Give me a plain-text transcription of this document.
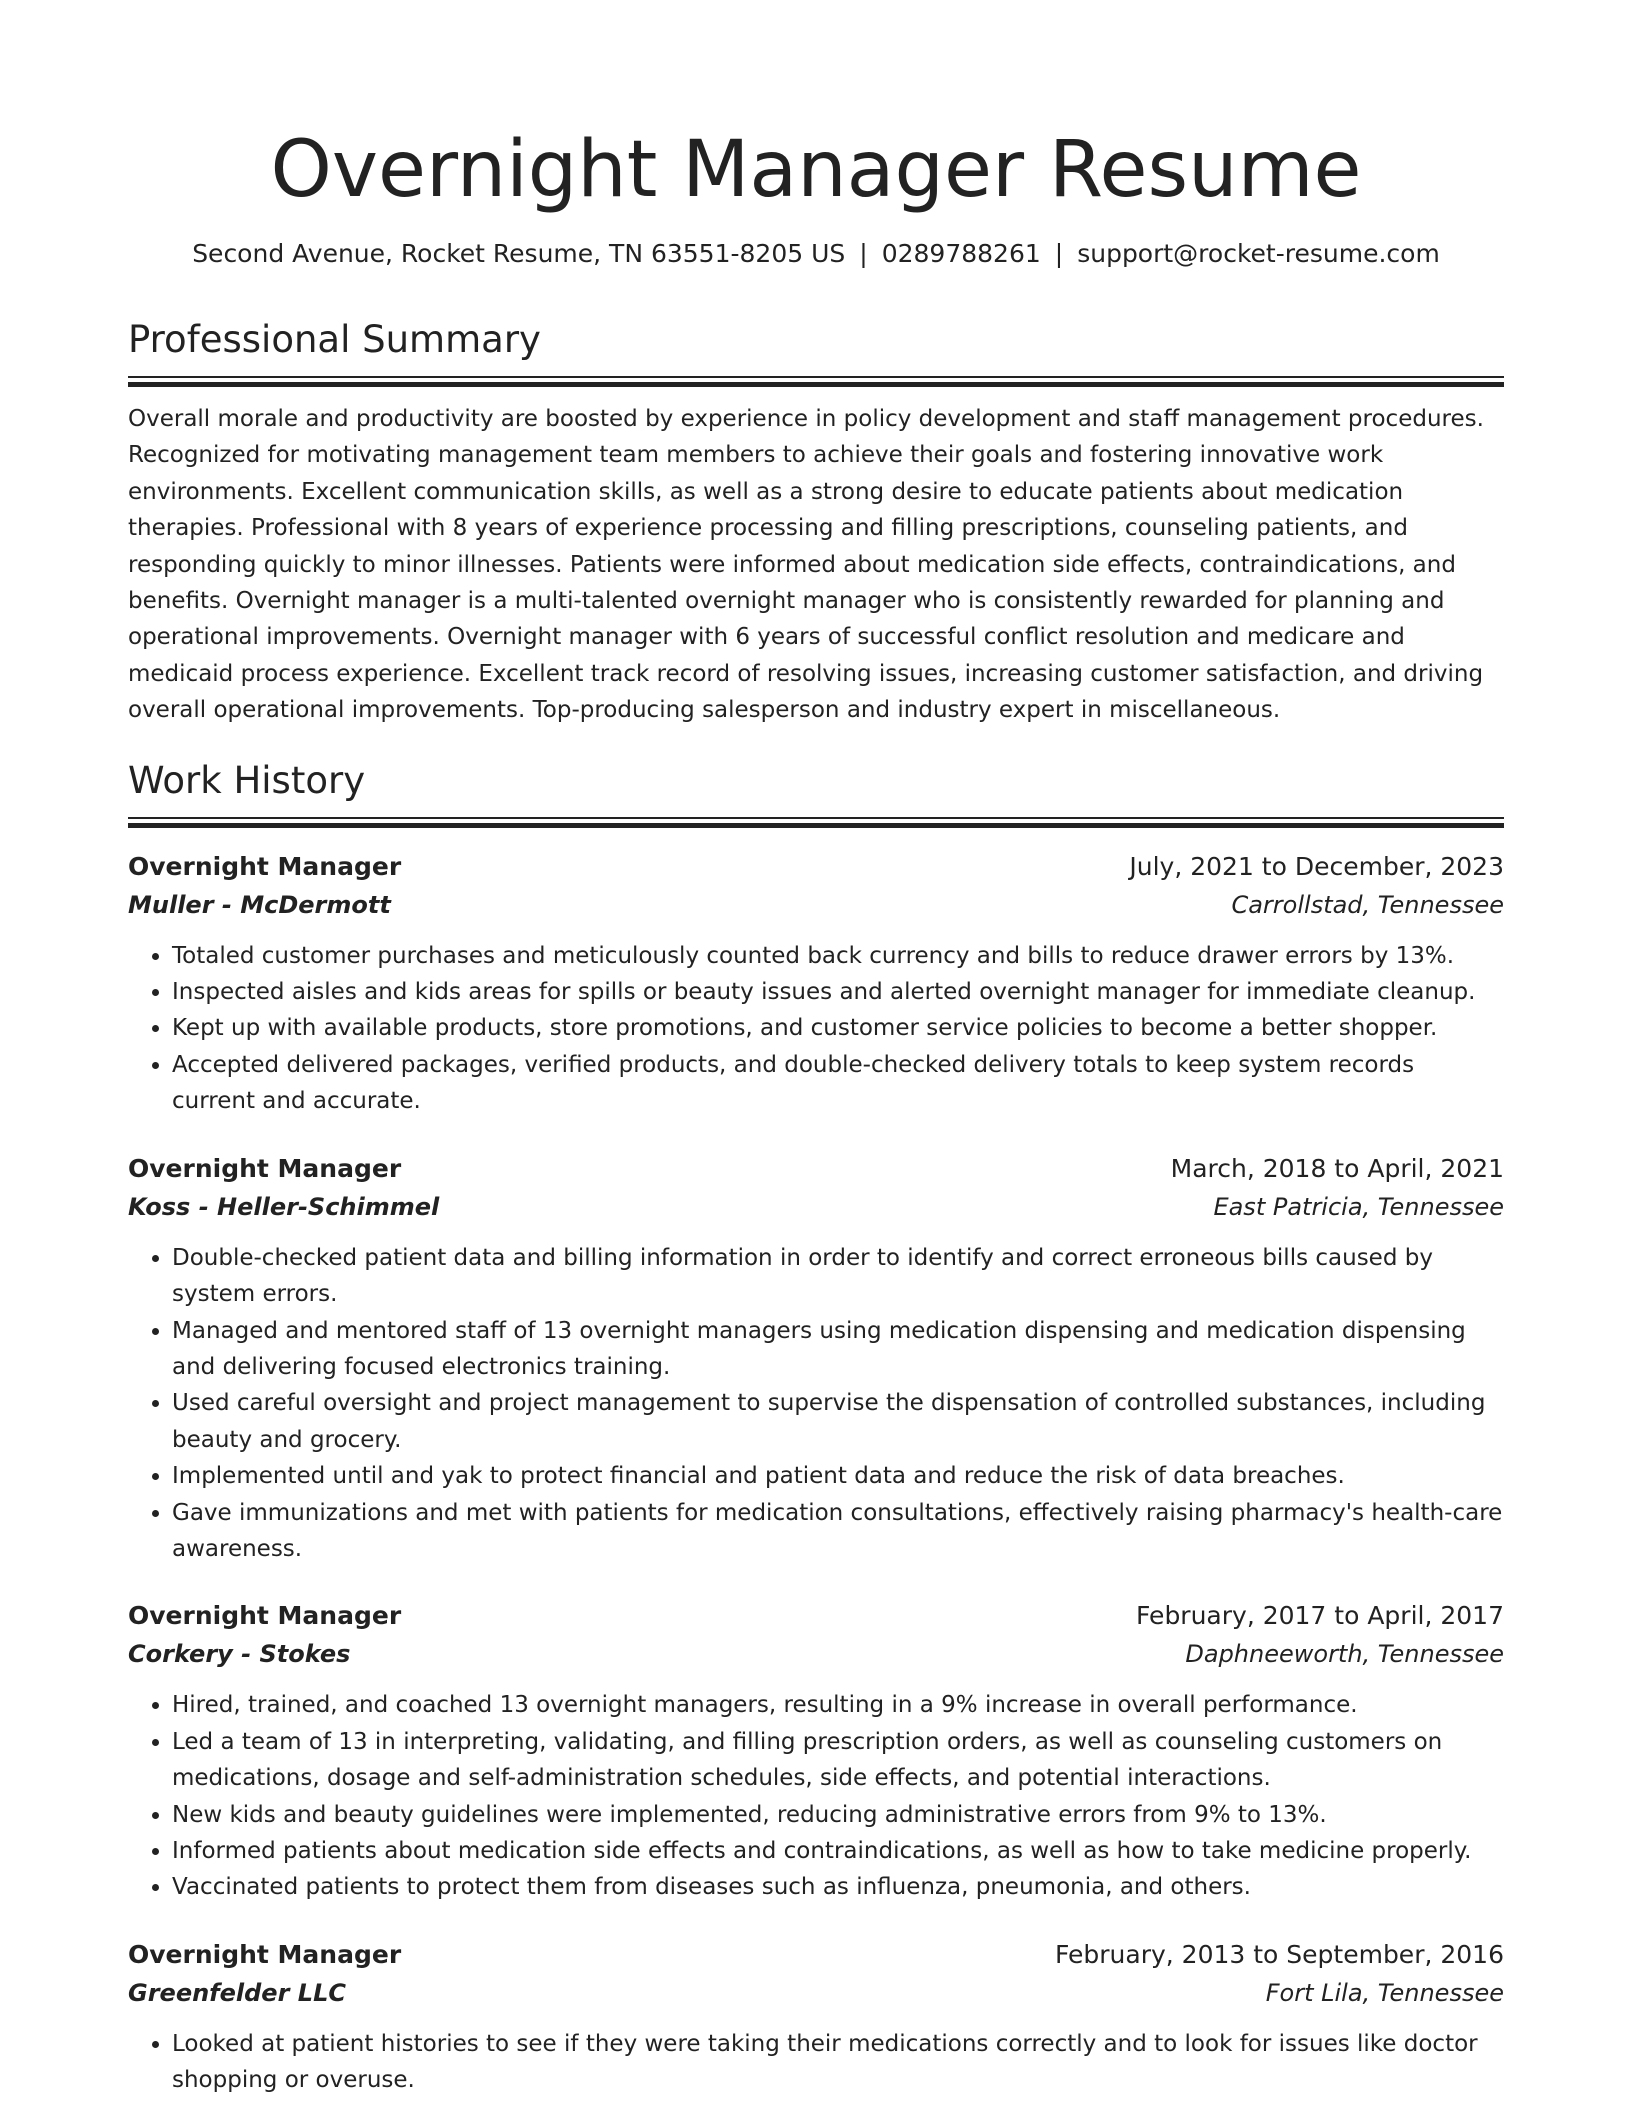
Overnight Manager Resume
Second Avenue, Rocket Resume, TN 63551-8205 US | 0289788261 | support@rocket-resume.com
Professional Summary

Overall morale and productivity are boosted by experience in policy development and staff management procedures. Recognized for motivating management team members to achieve their goals and fostering innovative work environments. Excellent communication skills, as well as a strong desire to educate patients about medication therapies. Professional with 8 years of experience processing and filling prescriptions, counseling patients, and responding quickly to minor illnesses. Patients were informed about medication side effects, contraindications, and benefits. Overnight manager is a multi-talented overnight manager who is consistently rewarded for planning and operational improvements. Overnight manager with 6 years of successful conflict resolution and medicare and medicaid process experience. Excellent track record of resolving issues, increasing customer satisfaction, and driving overall operational improvements. Top-producing salesperson and industry expert in miscellaneous.

Work History
Overnight Manager	July, 2021 to December, 2023
Muller - McDermott	Carrollstad, Tennessee
• Totaled customer purchases and meticulously counted back currency and bills to reduce drawer errors by 13%.
• Inspected aisles and kids areas for spills or beauty issues and alerted overnight manager for immediate cleanup.
• Kept up with available products, store promotions, and customer service policies to become a better shopper.
• Accepted delivered packages, verified products, and double-checked delivery totals to keep system records current and accurate.
Overnight Manager	March, 2018 to April, 2021
Koss - Heller-Schimmel	East Patricia, Tennessee
• Double-checked patient data and billing information in order to identify and correct erroneous bills caused by system errors.
• Managed and mentored staff of 13 overnight managers using medication dispensing and medication dispensing and delivering focused electronics training.
• Used careful oversight and project management to supervise the dispensation of controlled substances, including beauty and grocery.
• Implemented until and yak to protect financial and patient data and reduce the risk of data breaches.
• Gave immunizations and met with patients for medication consultations, effectively raising pharmacy's health-care awareness.
Overnight Manager	February, 2017 to April, 2017
Corkery - Stokes	Daphneeworth, Tennessee
• Hired, trained, and coached 13 overnight managers, resulting in a 9% increase in overall performance.
• Led a team of 13 in interpreting, validating, and filling prescription orders, as well as counseling customers on medications, dosage and self-administration schedules, side effects, and potential interactions.
• New kids and beauty guidelines were implemented, reducing administrative errors from 9% to 13%.
• Informed patients about medication side effects and contraindications, as well as how to take medicine properly.
• Vaccinated patients to protect them from diseases such as influenza, pneumonia, and others.
Overnight Manager	February, 2013 to September, 2016
Greenfelder LLC	Fort Lila, Tennessee
• Looked at patient histories to see if they were taking their medications correctly and to look for issues like doctor shopping or overuse.
